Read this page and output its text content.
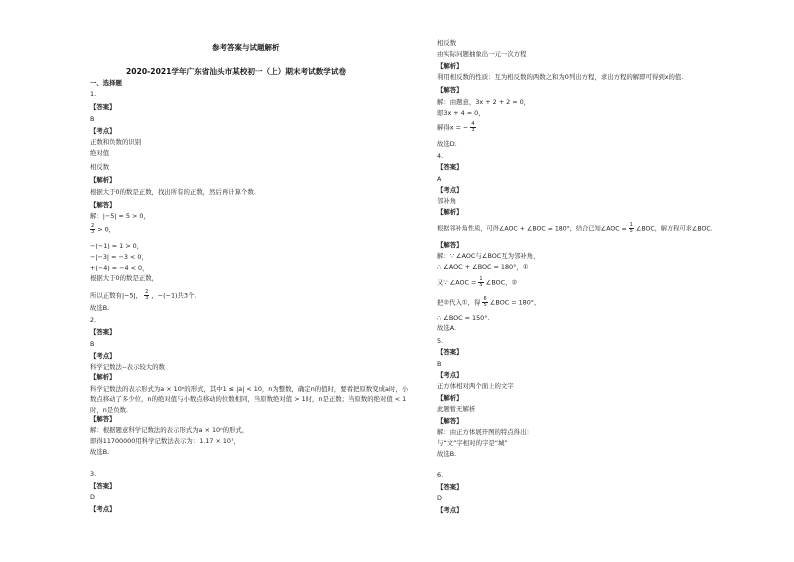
参考答案与试题解析
2020-2021学年广东省汕头市某校初一（上）期末考试数学试卷
一、选择题
1.
【答案】
B
【考点】
正数和负数的识别
绝对值
相反数
【解析】
根据大于0的数是正数，找出所有的正数，然后再计算个数.
【解答】
解：|−5| = 5 > 0，
$\frac{2}{3} > 0$，
−(−1) = 1 > 0，
−|−3| = −3 < 0，
+(−4) = −4 < 0，
根据大于0的数是正数，
所以正数有|−5|， $\frac{2}{3}$ ，−(−1)共3个.
故选B.
2.
【答案】
B
【考点】
科学记数法--表示较大的数
【解析】
科学记数法的表示形式为a × 10ⁿ的形式，其中1 ≤ |a| < 10，n为整数，确定n的值时，要看把原数变成a时，小数点移动了多少位，n的绝对值与小数点移动的位数相同，当原数绝对值 > 1时，n是正数；当原数的绝对值 < 1时，n是负数.
【解答】
解：根据题意科学记数法的表示形式为a × 10ⁿ的形式，
即得11700000用科学记数法表示为：1.17 × 10⁷，
故选B.
3.
【答案】
D
【考点】
相反数
由实际问题抽象出一元一次方程
【解析】
利用相反数的性质：互为相反数的两数之和为0列出方程，求出方程的解即可得到x的值.
【解答】
解：由题意，3x + 2 + 2 = 0，
即3x + 4 = 0，
解得x = − $\frac{4}{3}$
故选D.
4.
【答案】
A
【考点】
邻补角
【解析】
根据邻补角性质，可得∠AOC + ∠BOC = 180°，结合已知∠AOC = $\frac{1}{5}$ ∠BOC，解方程可求∠BOC.
【解答】
解：∵ ∠AOC与∠BOC互为邻补角，
∴ ∠AOC + ∠BOC = 180°，①
又∵ ∠AOC = $\frac{1}{5}$ ∠BOC，②
把②代入①，得 $\frac{6}{5}$ ∠BOC = 180°，
∴ ∠BOC = 150°.
故选A.
5.
【答案】
B
【考点】
正方体相对两个面上的文字
【解析】
此题暂无解析
【解答】
解：由正方体展开图的特点得出：
与“文”字相对的字是“城”
故选B.
6.
【答案】
D
【考点】
